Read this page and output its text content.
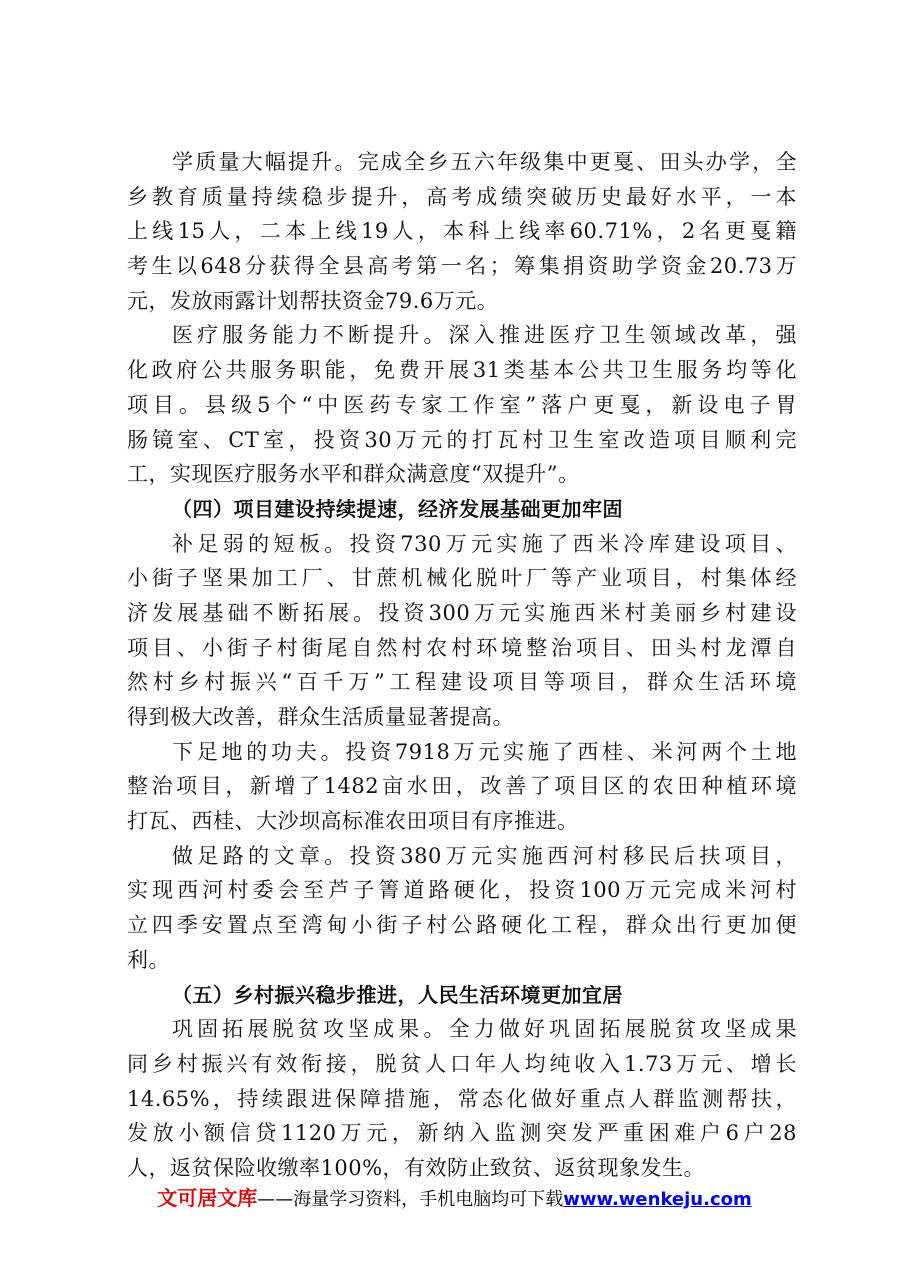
学质量大幅提升。完成全乡五六年级集中更戛、田头办学，全
乡教育质量持续稳步提升，高考成绩突破历史最好水平，一本
上线15人，二本上线19人，本科上线率60.71%，2名更戛籍
考生以648分获得全县高考第一名；筹集捐资助学资金20.73万
元，发放雨露计划帮扶资金79.6万元。
医疗服务能力不断提升。深入推进医疗卫生领域改革，强
化政府公共服务职能，免费开展31类基本公共卫生服务均等化
项目。县级5个“中医药专家工作室”落户更戛，新设电子胃
肠镜室、CT室，投资30万元的打瓦村卫生室改造项目顺利完
工，实现医疗服务水平和群众满意度“双提升”。
（四）项目建设持续提速，经济发展基础更加牢固
补足弱的短板。投资730万元实施了西米冷库建设项目、
小街子坚果加工厂、甘蔗机械化脱叶厂等产业项目，村集体经
济发展基础不断拓展。投资300万元实施西米村美丽乡村建设
项目、小街子村街尾自然村农村环境整治项目、田头村龙潭自
然村乡村振兴“百千万”工程建设项目等项目，群众生活环境
得到极大改善，群众生活质量显著提高。
下足地的功夫。投资7918万元实施了西桂、米河两个土地
整治项目，新增了1482亩水田，改善了项目区的农田种植环境
打瓦、西桂、大沙坝高标准农田项目有序推进。
做足路的文章。投资380万元实施西河村移民后扶项目，
实现西河村委会至芦子箐道路硬化，投资100万元完成米河村
立四季安置点至湾甸小街子村公路硬化工程，群众出行更加便
利。
（五）乡村振兴稳步推进，人民生活环境更加宜居
巩固拓展脱贫攻坚成果。全力做好巩固拓展脱贫攻坚成果
同乡村振兴有效衔接，脱贫人口年人均纯收入1.73万元、增长
14.65%，持续跟进保障措施，常态化做好重点人群监测帮扶，
发放小额信贷1120万元，新纳入监测突发严重困难户6户28
人，返贫保险收缴率100%，有效防止致贫、返贫现象发生。
文可居文库——海量学习资料，手机电脑均可下载www.wenkeju.com
